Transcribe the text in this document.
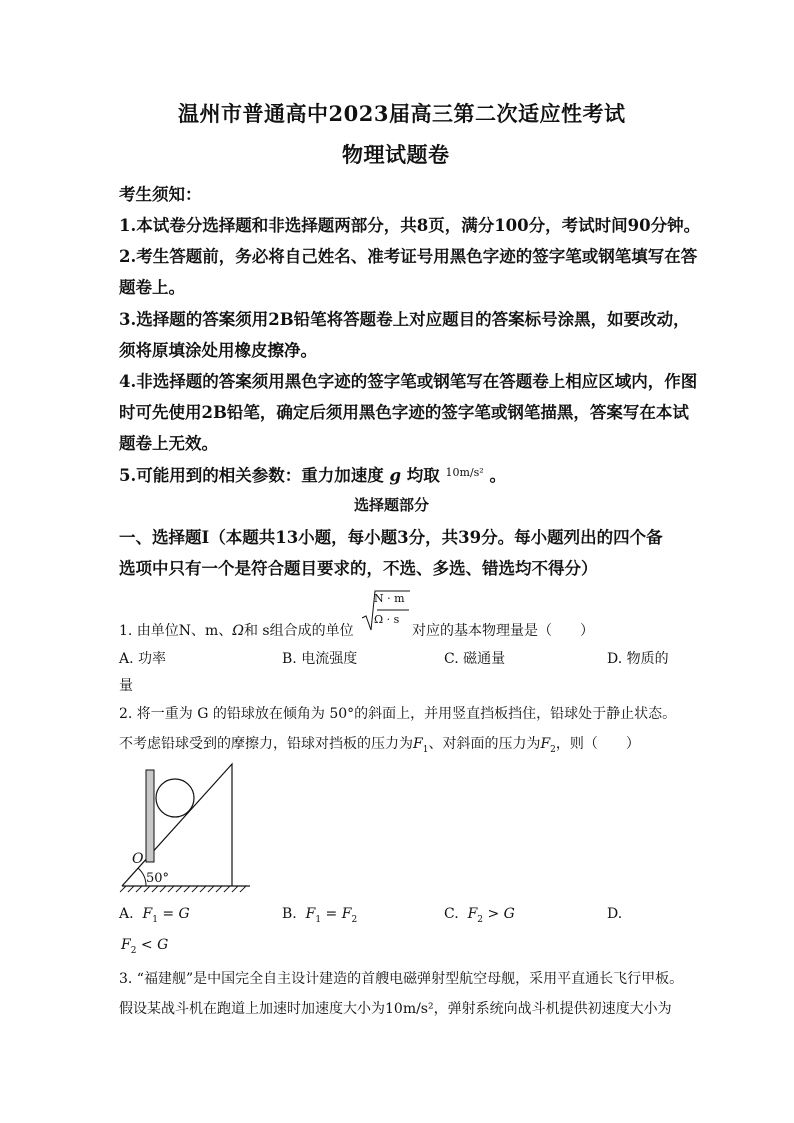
温州市普通高中2023届高三第二次适应性考试
物理试题卷
考生须知：
1.本试卷分选择题和非选择题两部分，共8页，满分100分，考试时间90分钟。
2.考生答题前，务必将自己姓名、准考证号用黑色字迹的签字笔或钢笔填写在答
题卷上。
3.选择题的答案须用2B铅笔将答题卷上对应题目的答案标号涂黑，如要改动，
须将原填涂处用橡皮擦净。
4.非选择题的答案须用黑色字迹的签字笔或钢笔写在答题卷上相应区域内，作图
时可先使用2B铅笔，确定后须用黑色字迹的签字笔或钢笔描黑，答案写在本试
题卷上无效。
5.可能用到的相关参数：重力加速度 g 均取 $^{10m/s^2}$ 。
选择题部分
一、选择题Ⅰ（本题共13小题，每小题3分，共39分。每小题列出的四个备
选项中只有一个是符合题目要求的，不选、多选、错选均不得分）
1. 由单位N、m、Ω和 s组合成的单位
N · m
Ω · s
对应的基本物理量是（　　）
A. 功率	B. 电流强度	C. 磁通量	D. 物质的
量
2. 将一重为 G 的铅球放在倾角为 50°的斜面上，并用竖直挡板挡住，铅球处于静止状态。
不考虑铅球受到的摩擦力，铅球对挡板的压力为$F_1$、对斜面的压力为$F_2$，则（　　）
O
50°
A. $F_1 = G$	B. $F_1 = F_2$	C. $F_2 > G$	D.
$F_2 < G$
3. “福建舰”是中国完全自主设计建造的首艘电磁弹射型航空母舰，采用平直通长飞行甲板。
假设某战斗机在跑道上加速时加速度大小为10m/s²，弹射系统向战斗机提供初速度大小为
